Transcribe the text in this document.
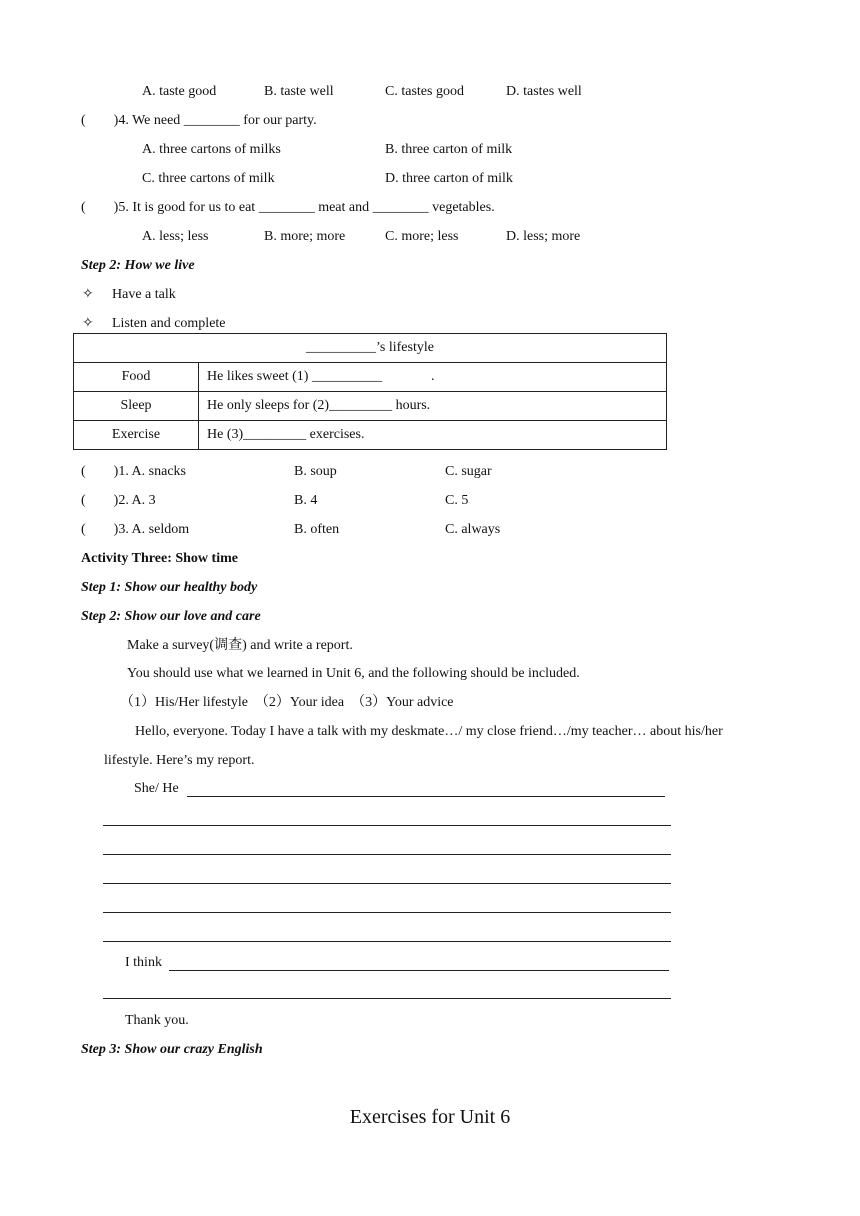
A. taste good	B. taste well	C. tastes good	D. tastes well
(        )4. We need ________ for our party.
A. three cartons of milks	B. three carton of milk
C. three cartons of milk	D. three carton of milk
(        )5. It is good for us to eat ________ meat and ________ vegetables.
A. less; less	B. more; more	C. more; less	D. less; more
Step 2: How we live
✧ Have a talk
✧ Listen and complete
__________’s lifestyle	
Food	He likes sweet (1) __________              .
Sleep	He only sleeps for (2)_________ hours.
Exercise	He (3)_________ exercises.
(        )1. A. snacks	B. soup	C. sugar
(        )2. A. 3	B. 4	C. 5
(        )3. A. seldom	B. often	C. always
Activity Three: Show time
Step 1: Show our healthy body
Step 2: Show our love and care
Make a survey(调查) and write a report.
You should use what we learned in Unit 6, and the following should be included.
（1）His/Her lifestyle  （2）Your idea  （3）Your advice
Hello, everyone. Today I have a talk with my deskmate…/ my close friend…/my teacher… about his/her
lifestyle. Here’s my report.
She/ He
I think
Thank you.
Step 3: Show our crazy English
Exercises for Unit 6
